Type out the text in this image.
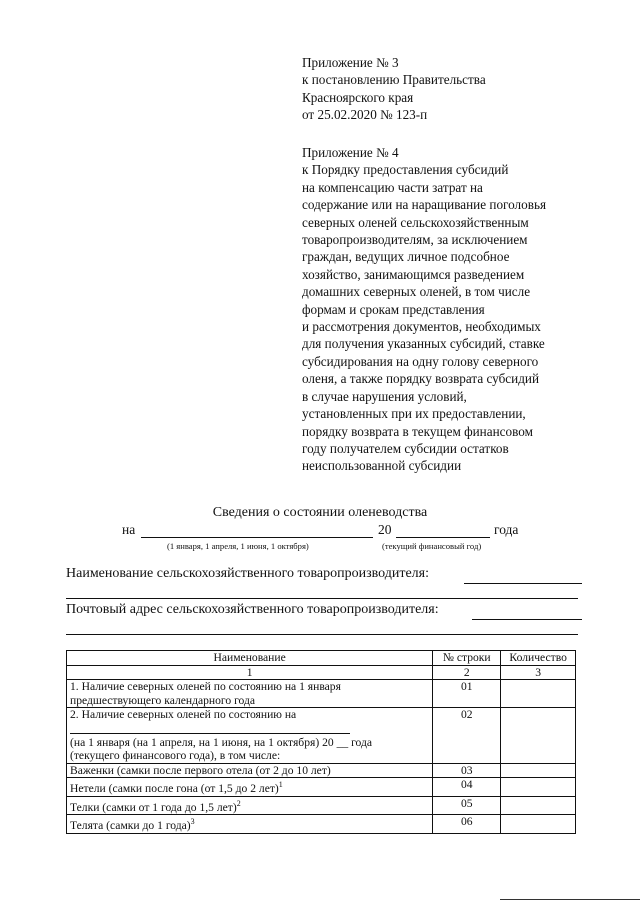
Приложение № 3
к постановлению Правительства
Красноярского края
от 25.02.2020 № 123-п
Приложение № 4
к Порядку предоставления субсидий
на компенсацию части затрат на
содержание или на наращивание поголовья
северных оленей сельскохозяйственным
товаропроизводителям, за исключением
граждан, ведущих личное подсобное
хозяйство, занимающимся разведением
домашних северных оленей, в том числе
формам и срокам представления
и рассмотрения документов, необходимых
для получения указанных субсидий, ставке
субсидирования на одну голову северного
оленя, а также порядку возврата субсидий
в случае нарушения условий,
установленных при их предоставлении,
порядку возврата в текущем финансовом
году получателем субсидии остатков
неиспользованной субсидии
Сведения о состоянии оленеводства
на	20	года
(1 января, 1 апреля, 1 июня, 1 октября)	(текущий финансовый год)
Наименование сельскохозяйственного товаропроизводителя:
Почтовый адрес сельскохозяйственного товаропроизводителя:
Наименование	№ строки	Количество
1	2	3

1. Наличие северных оленей по состоянию на 1 января
предшествующего календарного года	01	

2. Наличие северных оленей по состоянию на
(на 1 января (на 1 апреля, на 1 июня, на 1 октября) 20 __ года
(текущего финансового года), в том числе:	02	
Важенки (самки после первого отела (от 2 до 10 лет)	03	
Нетели (самки после гона (от 1,5 до 2 лет)$^1$	04	
Телки (самки от 1 года до 1,5 лет)$^2$	05	
Телята (самки до 1 года)$^3$	06	
